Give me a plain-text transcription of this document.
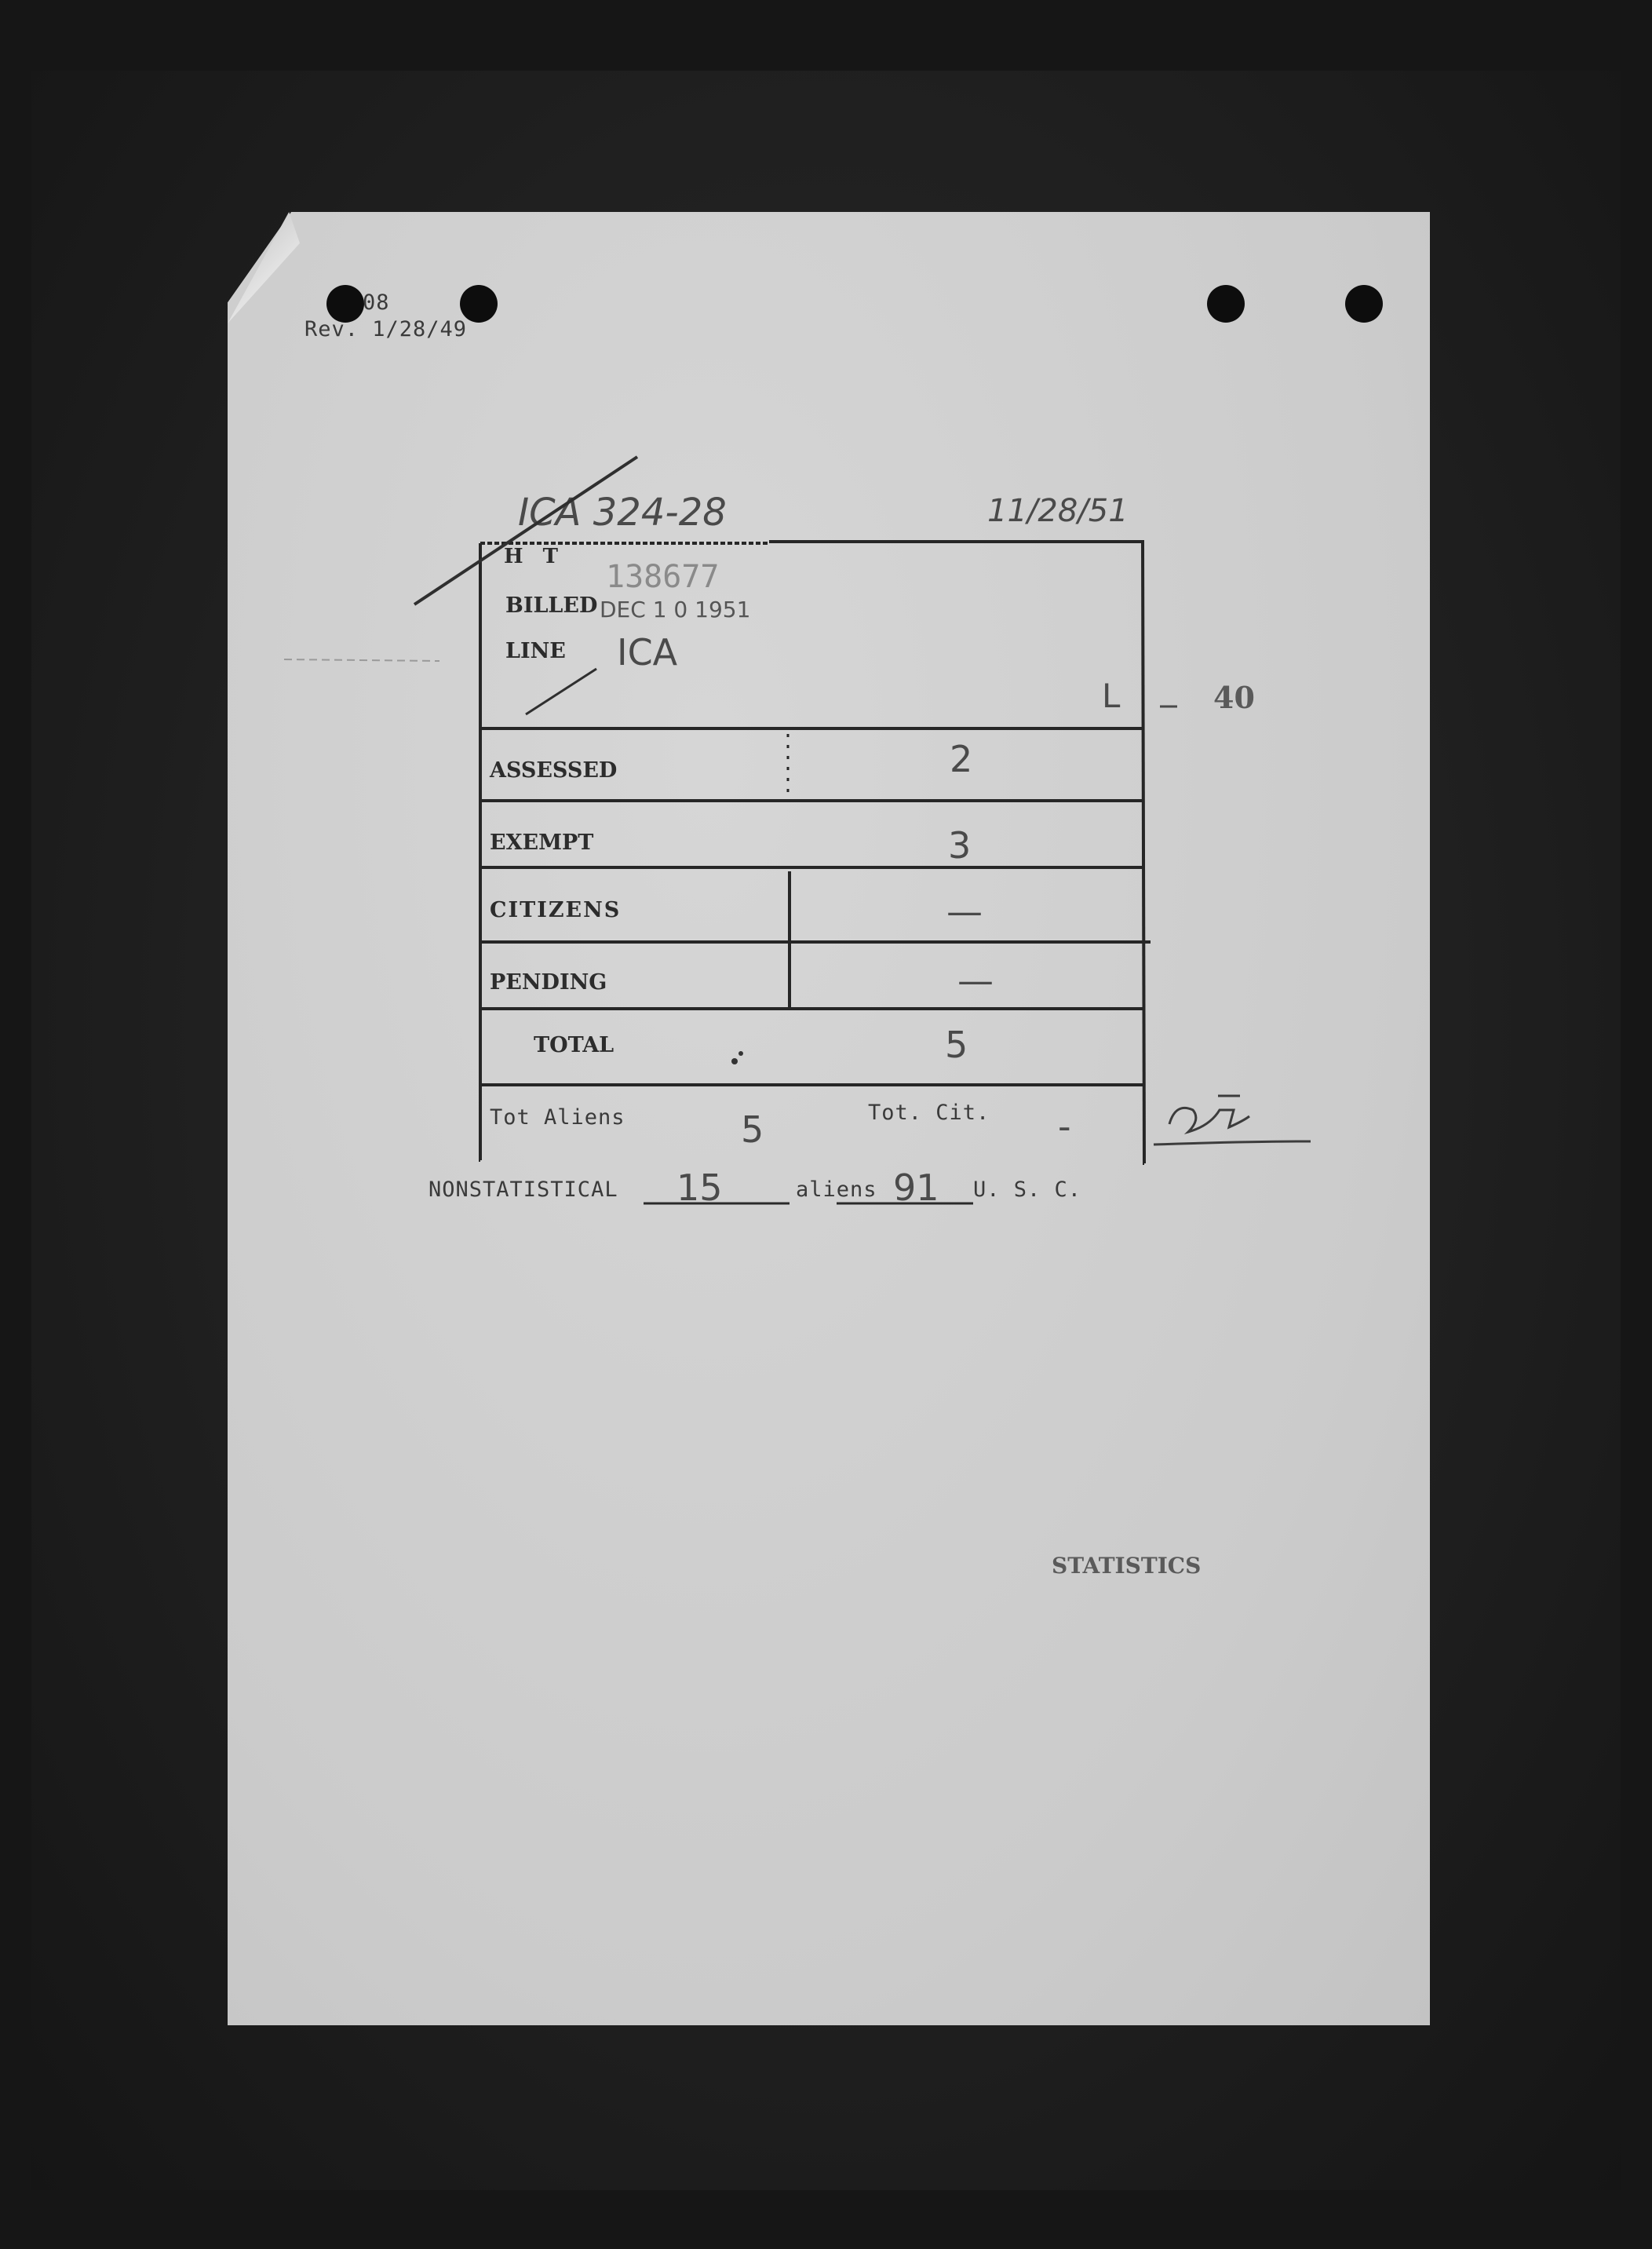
08
Rev. 1/28/49
ICA 324-28	11/28/51
H T
138677
BILLED DEC 1 0 1951
LINE ICA
L	40
ASSESSED	2
EXEMPT	3
CITIZENS	—
PENDING	—
TOTAL	5
Tot Aliens	5	Tot. Cit. -
NONSTATISTICAL 15	aliens 91 U. S. C.
STATISTICS
